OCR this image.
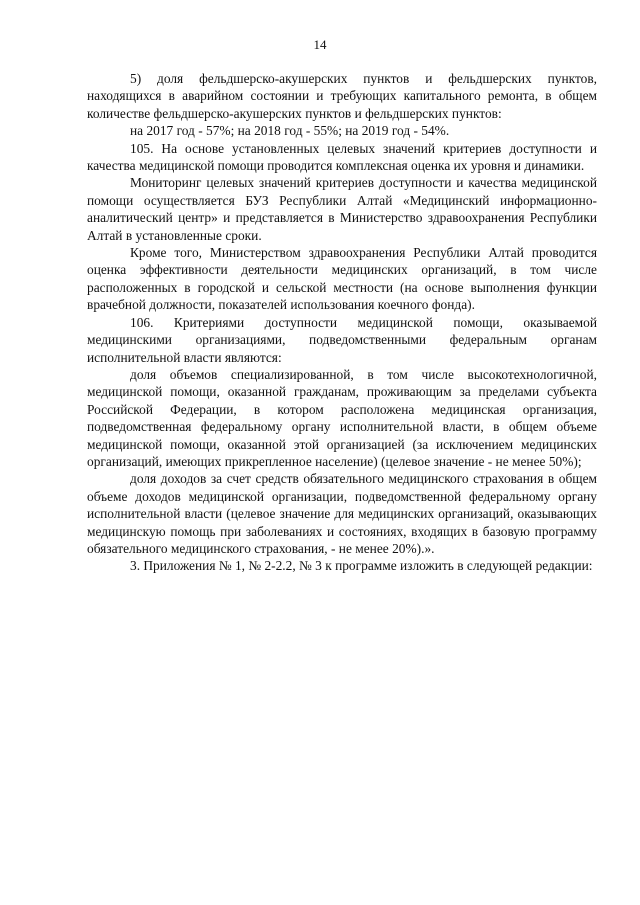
14

5) доля фельдшерско-акушерских пунктов и фельдшерских пунктов, находящихся в аварийном состоянии и требующих капитального ремонта, в общем количестве фельдшерско-акушерских пунктов и фельдшерских пунктов:

на 2017 год - 57%; на 2018 год - 55%; на 2019 год - 54%.

105. На основе установленных целевых значений критериев доступности и качества медицинской помощи проводится комплексная оценка их уровня и динамики.

Мониторинг целевых значений критериев доступности и качества медицинской помощи осуществляется БУЗ Республики Алтай «Медицинский информационно-аналитический центр» и представляется в Министерство здравоохранения Республики Алтай в установленные сроки.

Кроме того, Министерством здравоохранения Республики Алтай проводится оценка эффективности деятельности медицинских организаций, в том числе расположенных в городской и сельской местности (на основе выполнения функции врачебной должности, показателей использования коечного фонда).

106. Критериями доступности медицинской помощи, оказываемой медицинскими организациями, подведомственными федеральным органам исполнительной власти являются:

доля объемов специализированной, в том числе высокотехнологичной, медицинской помощи, оказанной гражданам, проживающим за пределами субъекта Российской Федерации, в котором расположена медицинская организация, подведомственная федеральному органу исполнительной власти, в общем объеме медицинской помощи, оказанной этой организацией (за исключением медицинских организаций, имеющих прикрепленное население) (целевое значение - не менее 50%);

доля доходов за счет средств обязательного медицинского страхования в общем объеме доходов медицинской организации, подведомственной федеральному органу исполнительной власти (целевое значение для медицинских организаций, оказывающих медицинскую помощь при заболеваниях и состояниях, входящих в базовую программу обязательного медицинского страхования, - не менее 20%).».

3. Приложения № 1, № 2-2.2, № 3 к программе изложить в следующей редакции:
